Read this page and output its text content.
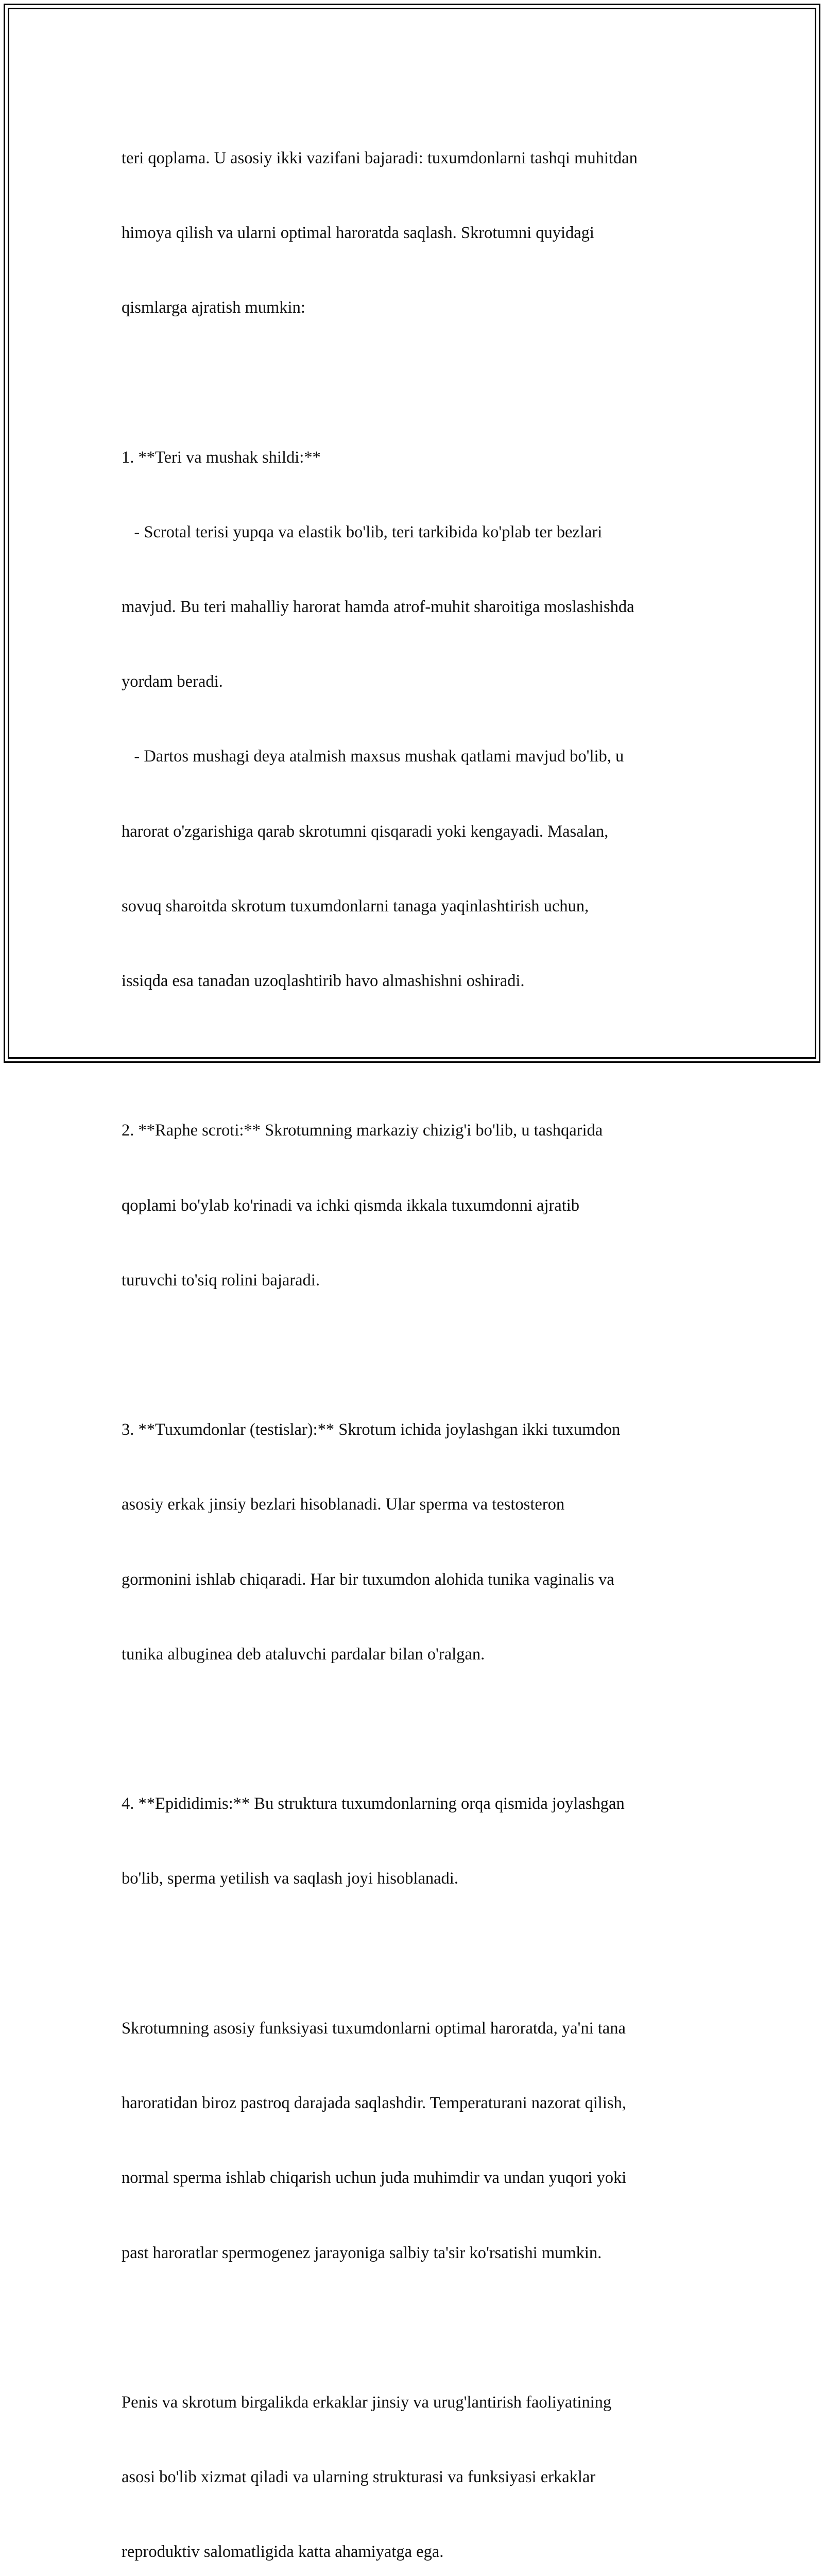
teri qoplama. U asosiy ikki vazifani bajaradi: tuxumdonlarni tashqi muhitdan

himoya qilish va ularni optimal haroratda saqlash. Skrotumni quyidagi

qismlarga ajratish mumkin:

1. **Teri va mushak shildi:**

- Scrotal terisi yupqa va elastik bo'lib, teri tarkibida ko'plab ter bezlari

mavjud. Bu teri mahalliy harorat hamda atrof-muhit sharoitiga moslashishda

yordam beradi.

- Dartos mushagi deya atalmish maxsus mushak qatlami mavjud bo'lib, u

harorat o'zgarishiga qarab skrotumni qisqaradi yoki kengayadi. Masalan,

sovuq sharoitda skrotum tuxumdonlarni tanaga yaqinlashtirish uchun,

issiqda esa tanadan uzoqlashtirib havo almashishni oshiradi.

2. **Raphe scroti:** Skrotumning markaziy chizig'i bo'lib, u tashqarida

qoplami bo'ylab ko'rinadi va ichki qismda ikkala tuxumdonni ajratib

turuvchi to'siq rolini bajaradi.

3. **Tuxumdonlar (testislar):** Skrotum ichida joylashgan ikki tuxumdon

asosiy erkak jinsiy bezlari hisoblanadi. Ular sperma va testosteron

gormonini ishlab chiqaradi. Har bir tuxumdon alohida tunika vaginalis va

tunika albuginea deb ataluvchi pardalar bilan o'ralgan.

4. **Epididimis:** Bu struktura tuxumdonlarning orqa qismida joylashgan

bo'lib, sperma yetilish va saqlash joyi hisoblanadi.

Skrotumning asosiy funksiyasi tuxumdonlarni optimal haroratda, ya'ni tana

haroratidan biroz pastroq darajada saqlashdir. Temperaturani nazorat qilish,

normal sperma ishlab chiqarish uchun juda muhimdir va undan yuqori yoki

past haroratlar spermogenez jarayoniga salbiy ta'sir ko'rsatishi mumkin.

Penis va skrotum birgalikda erkaklar jinsiy va urug'lantirish faoliyatining

asosi bo'lib xizmat qiladi va ularning strukturasi va funksiyasi erkaklar

reproduktiv salomatligida katta ahamiyatga ega.
